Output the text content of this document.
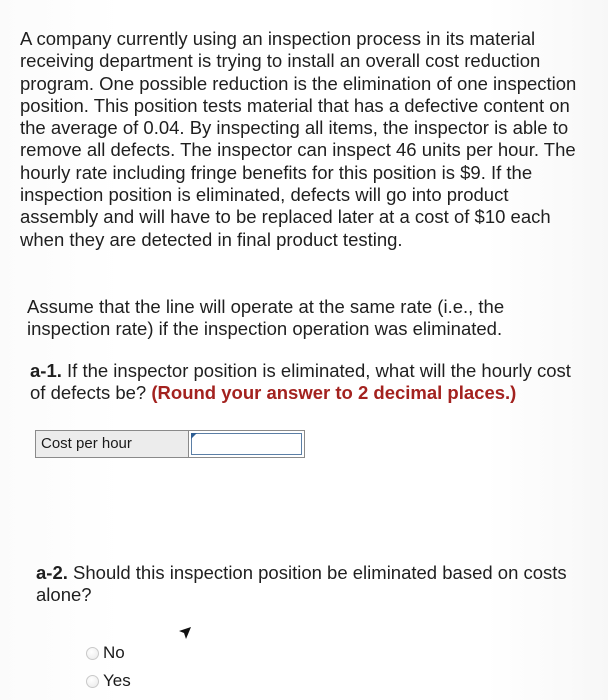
A company currently using an inspection process in its material receiving department is trying to install an overall cost reduction program. One possible reduction is the elimination of one inspection position. This position tests material that has a defective content on the average of 0.04. By inspecting all items, the inspector is able to remove all defects. The inspector can inspect 46 units per hour. The hourly rate including fringe benefits for this position is $9. If the inspection position is eliminated, defects will go into product assembly and will have to be replaced later at a cost of $10 each when they are detected in final product testing.

Assume that the line will operate at the same rate (i.e., the inspection rate) if the inspection operation was eliminated.

a-1. If the inspector position is eliminated, what will the hourly cost of defects be? (Round your answer to 2 decimal places.)

Cost per hour

a-2. Should this inspection position be eliminated based on costs alone?

No
Yes
